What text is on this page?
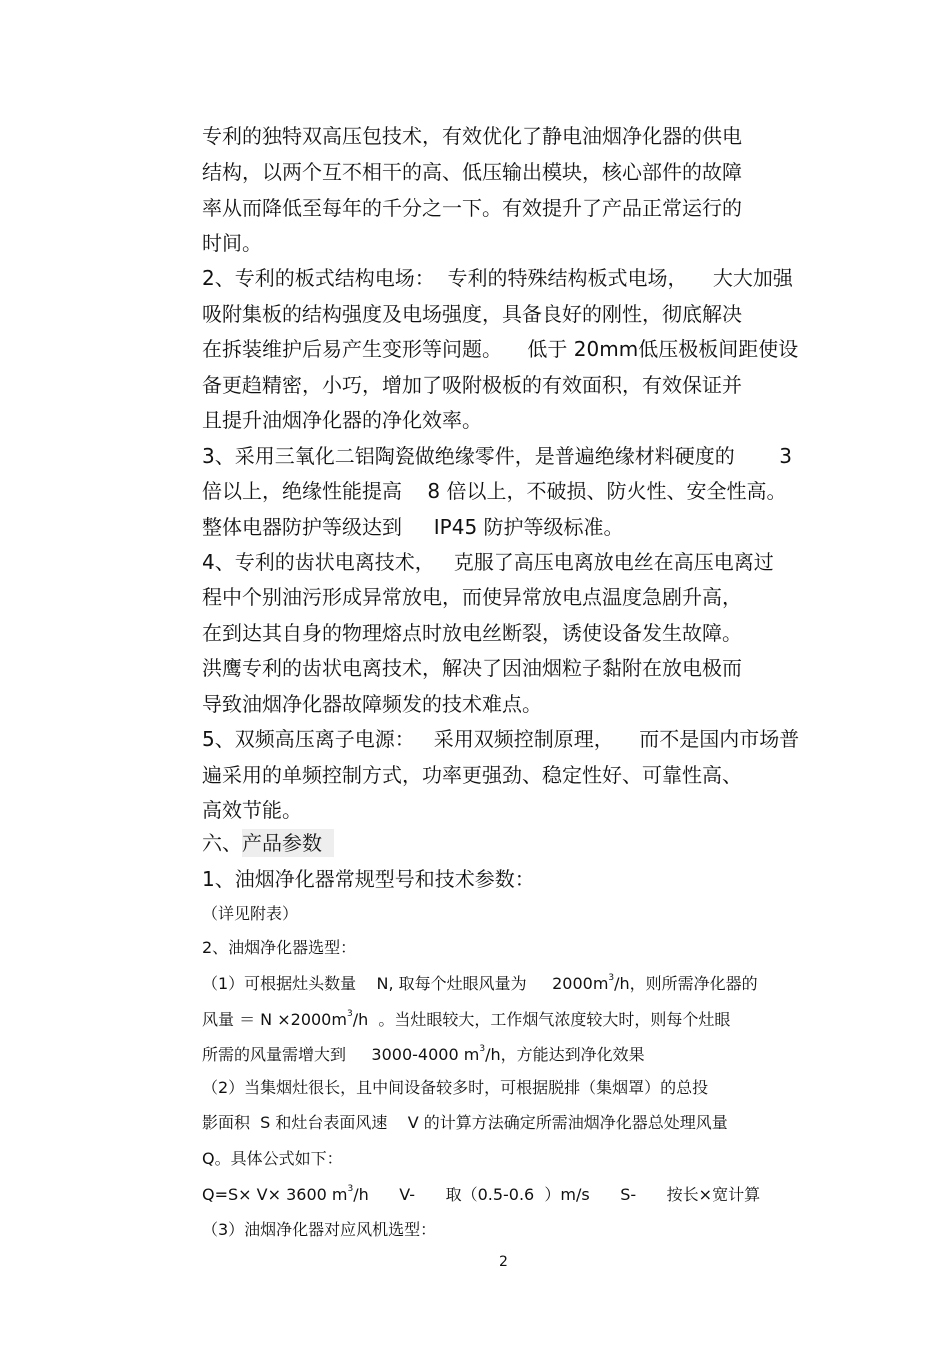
专利的独特双高压包技术，有效优化了静电油烟净化器的供电
结构，以两个互不相干的高、低压输出模块，核心部件的故障
率从而降低至每年的千分之一下。有效提升了产品正常运行的
时间。
2、专利的板式结构电场：  专利的特殊结构板式电场，    大大加强
吸附集板的结构强度及电场强度，具备良好的刚性，彻底解决
在拆装维护后易产生变形等问题。    低于 20mm低压极板间距使设
备更趋精密，小巧，增加了吸附极板的有效面积，有效保证并
且提升油烟净化器的净化效率。
3、采用三氧化二铝陶瓷做绝缘零件，是普遍绝缘材料硬度的       3
倍以上，绝缘性能提高    8 倍以上，不破损、防火性、安全性高。
整体电器防护等级达到     IP45 防护等级标准。
4、专利的齿状电离技术，   克服了高压电离放电丝在高压电离过
程中个别油污形成异常放电，而使异常放电点温度急剧升高，
在到达其自身的物理熔点时放电丝断裂，诱使设备发生故障。
洪鹰专利的齿状电离技术，解决了因油烟粒子黏附在放电极而
导致油烟净化器故障频发的技术难点。
5、双频高压离子电源：   采用双频控制原理，    而不是国内市场普
遍采用的单频控制方式，功率更强劲、稳定性好、可靠性高、
高效节能。
六、产品参数
1、油烟净化器常规型号和技术参数：
（详见附表）
2、油烟净化器选型：
（1）可根据灶头数量    N, 取每个灶眼风量为     $2000m^3/h$，则所需净化器的
风量 ＝ $N \times 2000m^3/h$  。当灶眼较大，工作烟气浓度较大时，则每个灶眼
所需的风量需增大到     3000-4000 $m^3/h$，方能达到净化效果
（2）当集烟灶很长，且中间设备较多时，可根据脱排（集烟罩）的总投
影面积  S 和灶台表面风速    V 的计算方法确定所需油烟净化器总处理风量
Q。具体公式如下：
Q=S× V× 3600 $m^3/h$      V-      取（0.5-0.6  ）m/s      S-      按长×宽计算
（3）油烟净化器对应风机选型：
2
